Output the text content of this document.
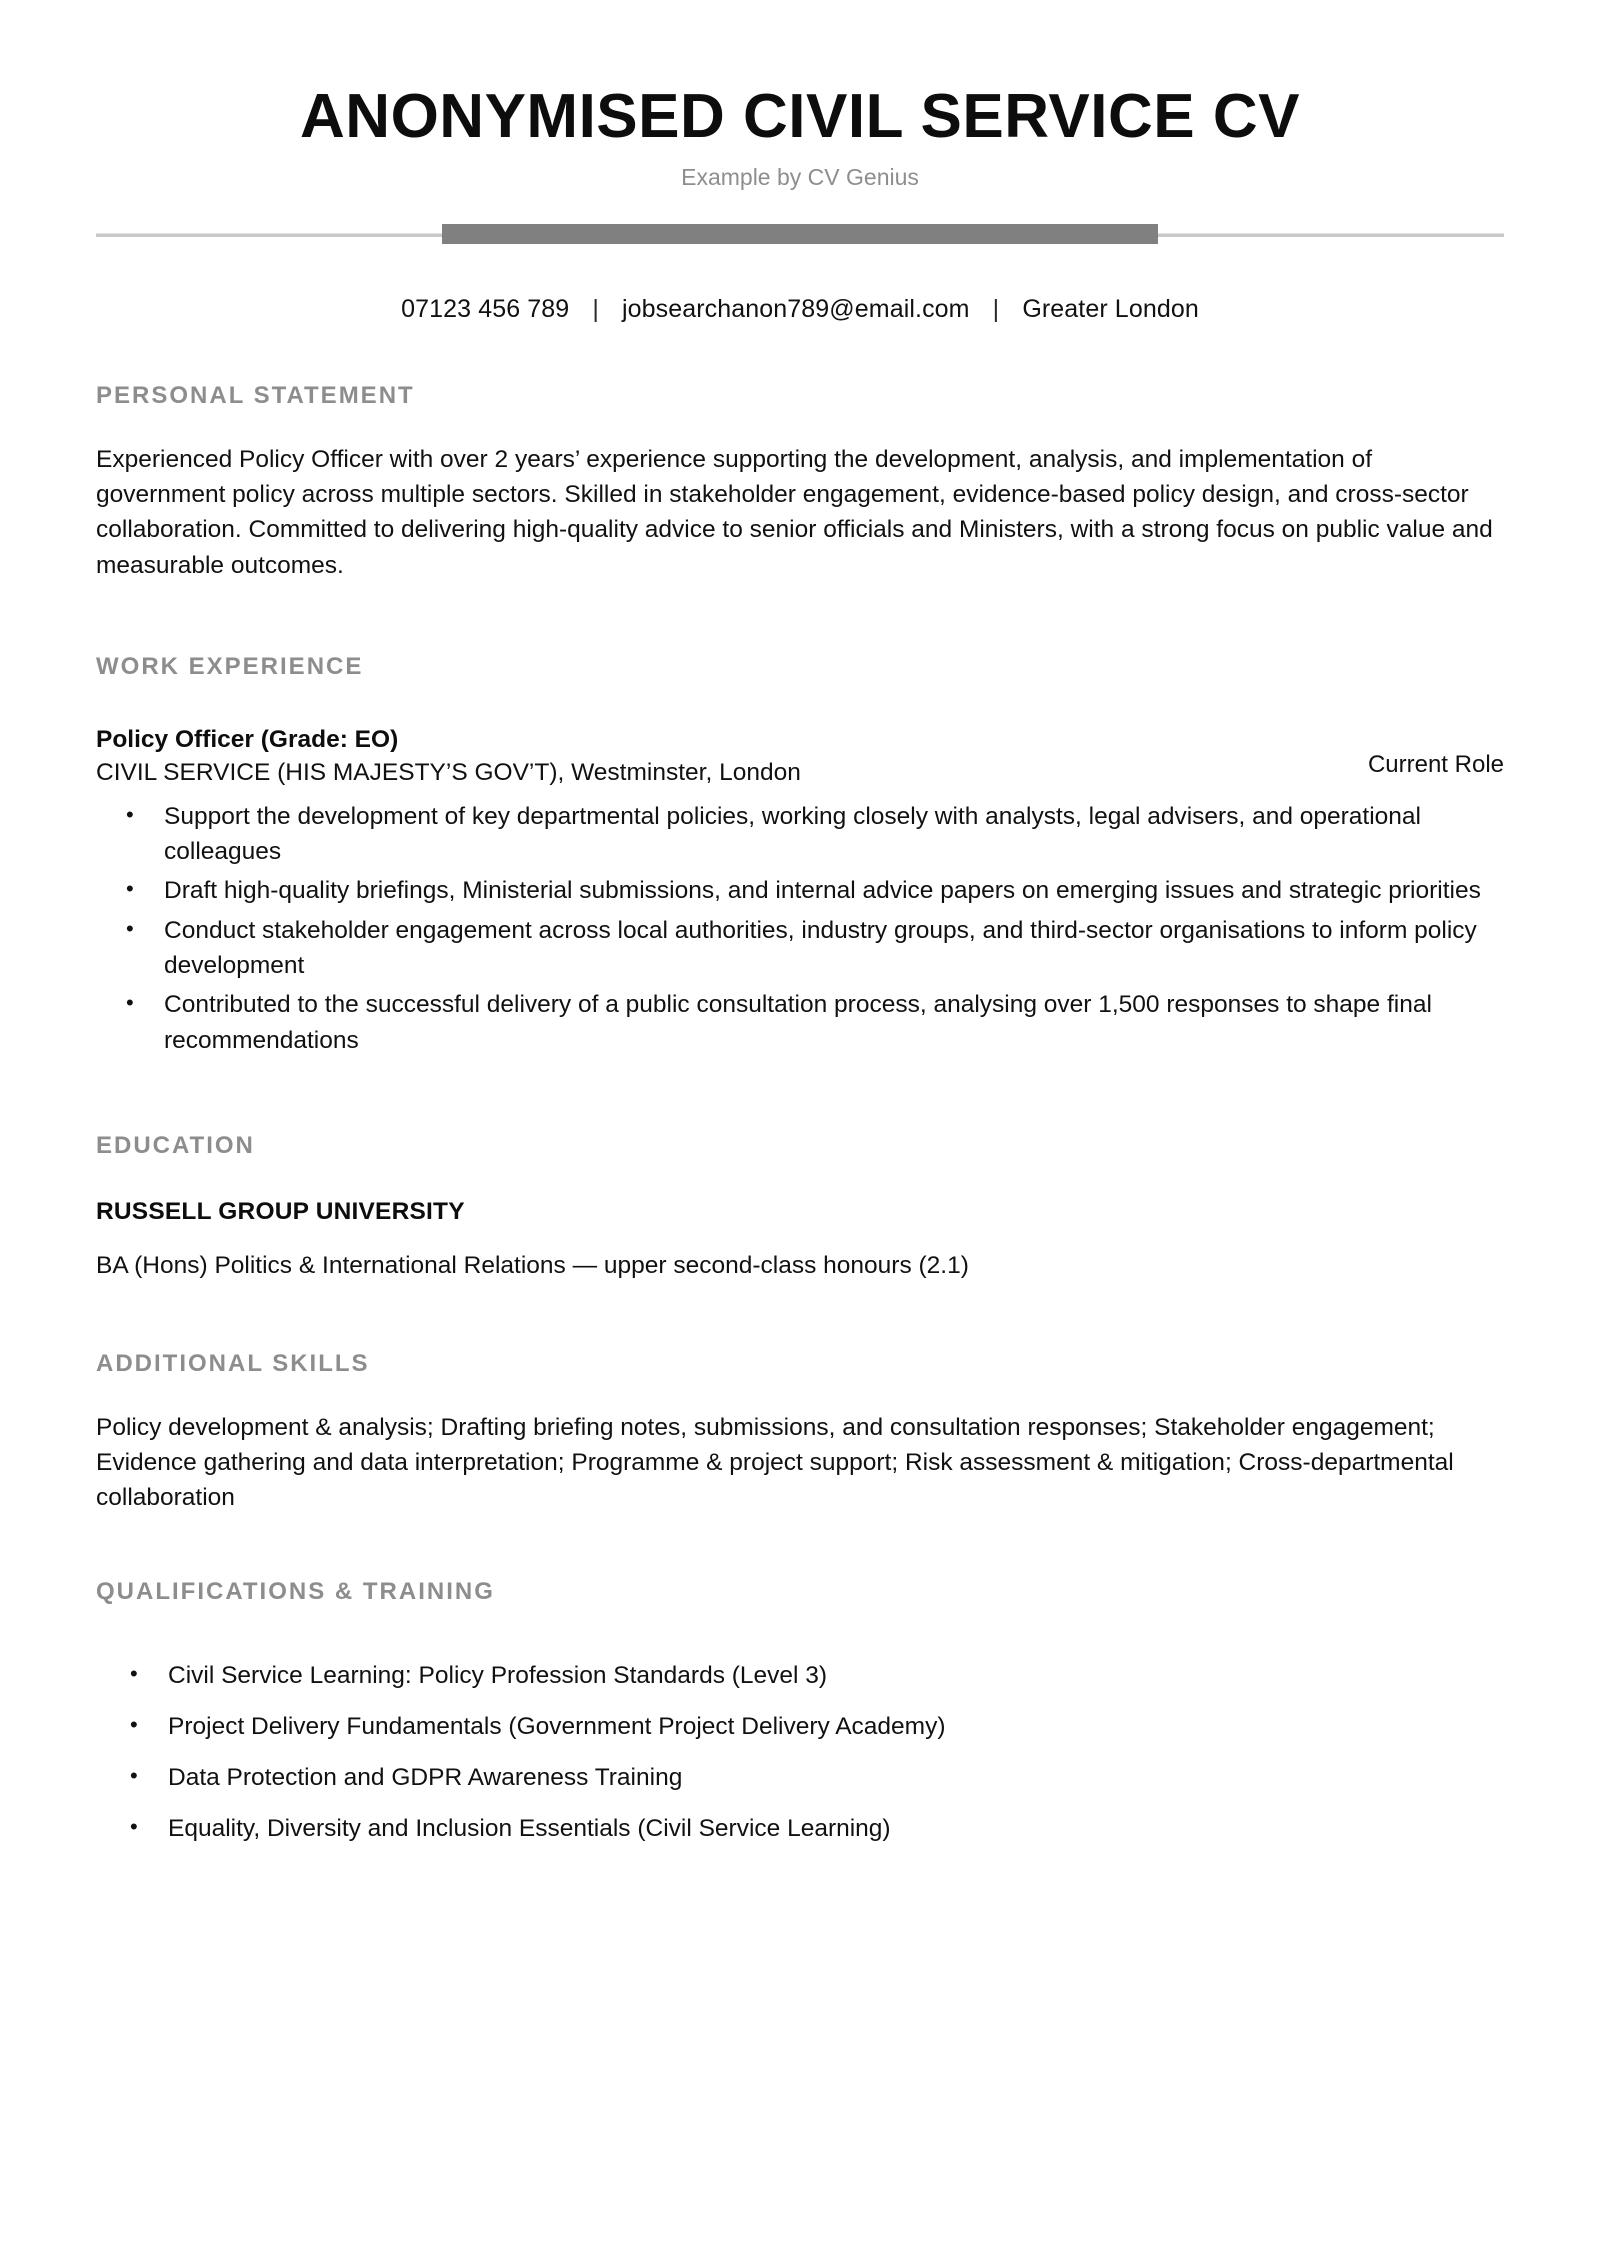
ANONYMISED CIVIL SERVICE CV

Example by CV Genius

07123 456 789 | jobsearchanon789@email.com | Greater London
PERSONAL STATEMENT

Experienced Policy Officer with over 2 years’ experience supporting the development, analysis, and implementation of government policy across multiple sectors. Skilled in stakeholder engagement, evidence-based policy design, and cross-sector collaboration. Committed to delivering high-quality advice to senior officials and Ministers, with a strong focus on public value and measurable outcomes.

WORK EXPERIENCE

Policy Officer (Grade: EO)

CIVIL SERVICE (HIS MAJESTY’S GOV’T), Westminster, London	Current Role
• Support the development of key departmental policies, working closely with analysts, legal advisers, and operational colleagues
• Draft high-quality briefings, Ministerial submissions, and internal advice papers on emerging issues and strategic priorities
• Conduct stakeholder engagement across local authorities, industry groups, and third-sector organisations to inform policy development
• Contributed to the successful delivery of a public consultation process, analysing over 1,500 responses to shape final recommendations
EDUCATION

RUSSELL GROUP UNIVERSITY

BA (Hons) Politics & International Relations — upper second-class honours (2.1)

ADDITIONAL SKILLS

Policy development & analysis; Drafting briefing notes, submissions, and consultation responses; Stakeholder engagement; Evidence gathering and data interpretation; Programme & project support; Risk assessment & mitigation; Cross-departmental collaboration

QUALIFICATIONS & TRAINING
• Civil Service Learning: Policy Profession Standards (Level 3)
• Project Delivery Fundamentals (Government Project Delivery Academy)
• Data Protection and GDPR Awareness Training
• Equality, Diversity and Inclusion Essentials (Civil Service Learning)
